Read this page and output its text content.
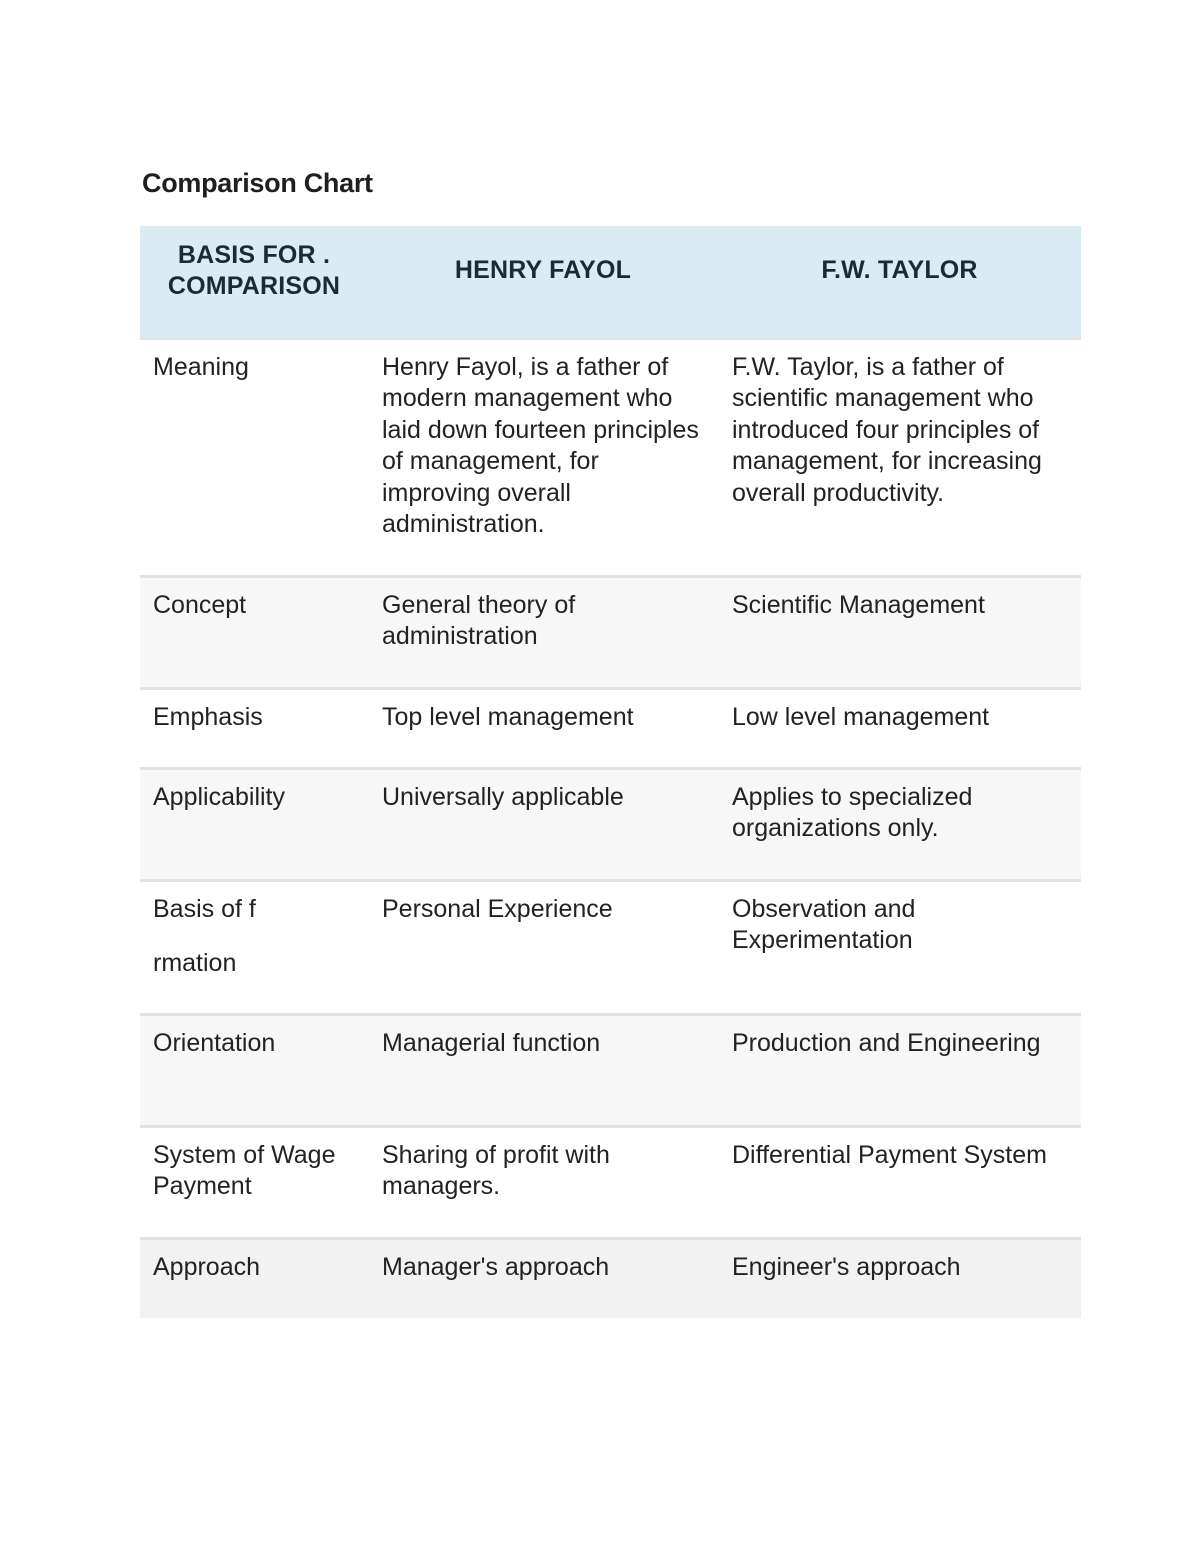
Comparison Chart
BASIS FOR .
COMPARISON	HENRY FAYOL	F.W. TAYLOR
Meaning	Henry Fayol, is a father of modern management who laid down fourteen principles of management, for improving overall administration.	F.W. Taylor, is a father of scientific management who introduced four principles of management, for increasing overall productivity.
Concept	General theory of administration	Scientific Management
Emphasis	Top level management	Low level management
Applicability	Universally applicable	Applies to specialized organizations only.

Basis of f
rmation	Personal Experience	Observation and Experimentation
Orientation	Managerial function	Production and Engineering
System of Wage Payment	Sharing of profit with managers.	Differential Payment System
Approach	Manager's approach	Engineer's approach
